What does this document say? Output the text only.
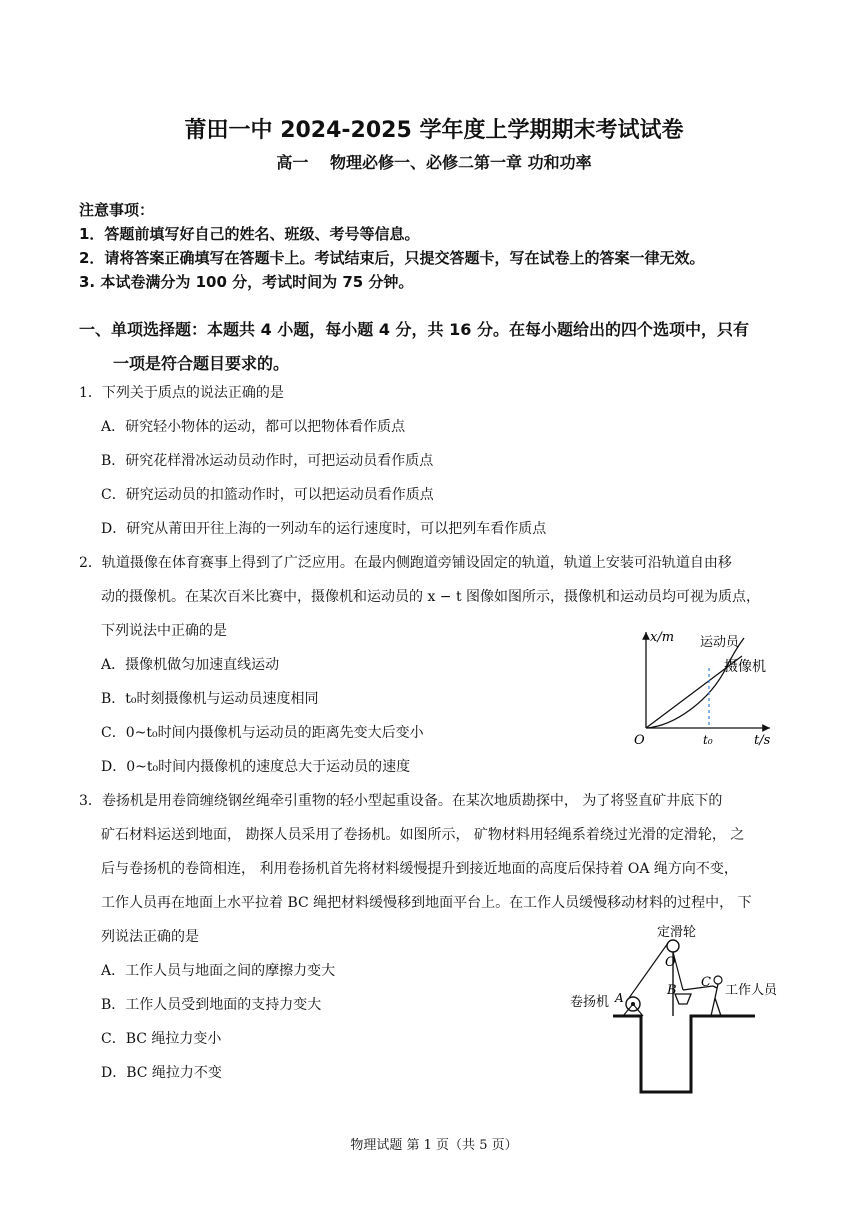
莆田一中 2024-2025 学年度上学期期末考试试卷
高一　 物理必修一、必修二第一章 功和功率
注意事项：
1．答题前填写好自己的姓名、班级、考号等信息。
2．请将答案正确填写在答题卡上。考试结束后，只提交答题卡，写在试卷上的答案一律无效。
3. 本试卷满分为 100 分，考试时间为 75 分钟。
一、单项选择题：本题共 4 小题，每小题 4 分，共 16 分。在每小题给出的四个选项中，只有
一项是符合题目要求的。
1．下列关于质点的说法正确的是
A．研究轻小物体的运动，都可以把物体看作质点
B．研究花样滑冰运动员动作时，可把运动员看作质点
C．研究运动员的扣篮动作时，可以把运动员看作质点
D．研究从莆田开往上海的一列动车的运行速度时，可以把列车看作质点
2．轨道摄像在体育赛事上得到了广泛应用。在最内侧跑道旁铺设固定的轨道，轨道上安装可沿轨道自由移
动的摄像机。在某次百米比赛中，摄像机和运动员的 x − t 图像如图所示，摄像机和运动员均可视为质点，
下列说法中正确的是
A．摄像机做匀加速直线运动
B．t₀时刻摄像机与运动员速度相同
C．0~t₀时间内摄像机与运动员的距离先变大后变小
D．0~t₀时间内摄像机的速度总大于运动员的速度
x/m
t/s
O	t₀
运动员
摄像机
3．卷扬机是用卷筒缠绕钢丝绳牵引重物的轻小型起重设备。在某次地质勘探中， 为了将竖直矿井底下的
矿石材料运送到地面， 勘探人员采用了卷扬机。如图所示， 矿物材料用轻绳系着绕过光滑的定滑轮， 之
后与卷扬机的卷筒相连， 利用卷扬机首先将材料缓慢提升到接近地面的高度后保持着 OA 绳方向不变，
工作人员再在地面上水平拉着 BC 绳把材料缓慢移到地面平台上。在工作人员缓慢移动材料的过程中， 下
列说法正确的是
A．工作人员与地面之间的摩擦力变大
B．工作人员受到地面的支持力变大
C．BC 绳拉力变小
D．BC 绳拉力不变
定滑轮
O
A	B
C
卷扬机
工作人员
物理试题 第 1 页（共 5 页）
